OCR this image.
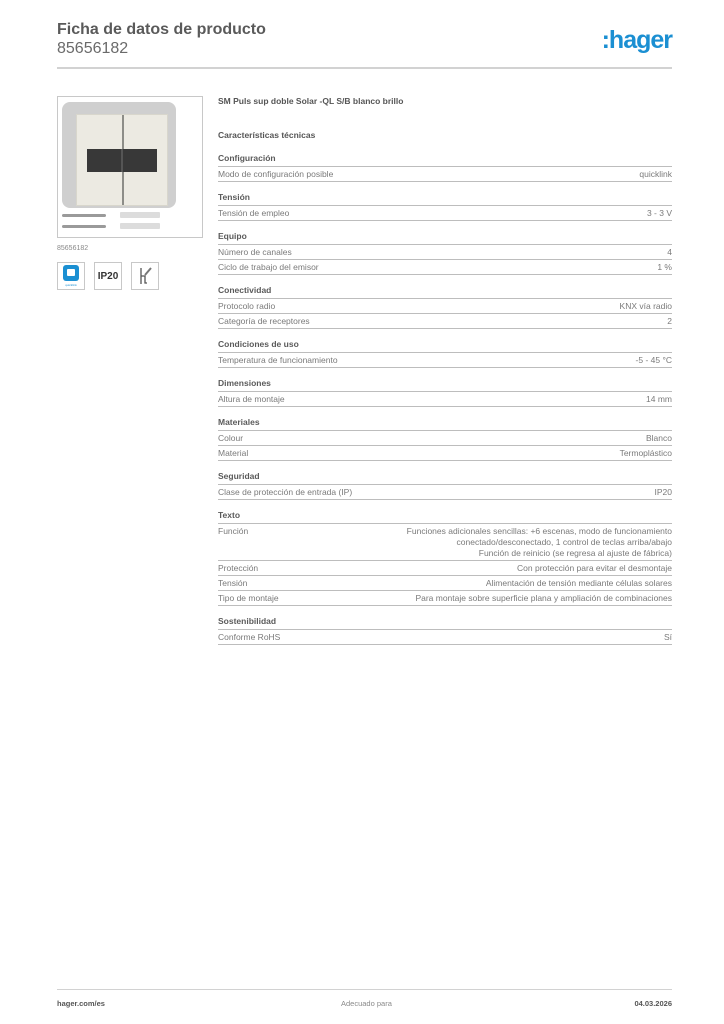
Ficha de datos de producto
85656182	:hager
85656182
quicklink
IP20
SM Puls sup doble Solar -QL S/B blanco brillo
Características técnicas
Configuración
Modo de configuración posible	quicklink
Tensión
Tensión de empleo	3 - 3 V
Equipo
Número de canales	4
Ciclo de trabajo del emisor	1 %
Conectividad
Protocolo radio	KNX vía radio
Categoría de receptores	2
Condiciones de uso
Temperatura de funcionamiento	-5 - 45 °C
Dimensiones
Altura de montaje	14 mm
Materiales
Colour	Blanco
Material	Termoplástico
Seguridad
Clase de protección de entrada (IP)	IP20
Texto
Función	Funciones adicionales sencillas: +6 escenas, modo de funcionamiento
conectado/desconectado, 1 control de teclas arriba/abajo
Función de reinicio (se regresa al ajuste de fábrica)
Protección	Con protección para evitar el desmontaje
Tensión	Alimentación de tensión mediante células solares
Tipo de montaje	Para montaje sobre superficie plana y ampliación de combinaciones
Sostenibilidad
Conforme RoHS	Sí
hager.com/es	Adecuado para	04.03.2026
